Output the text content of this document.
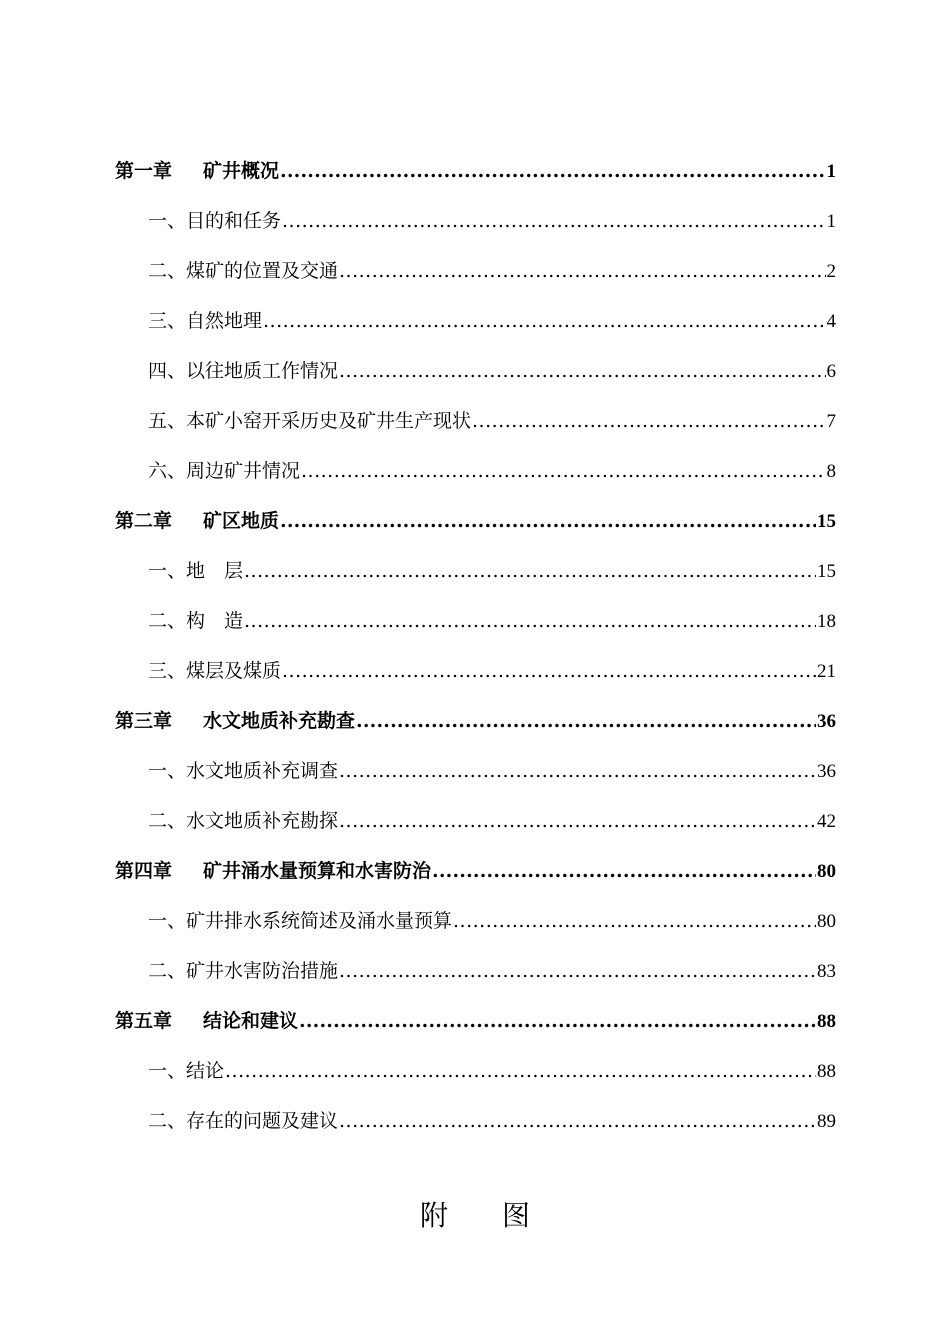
第一章	矿井概况 .....	1
一、目的和任务 .....	1
二、煤矿的位置及交通 .....	2
三、自然地理 .....	4
四、以往地质工作情况 .....	6
五、本矿小窑开采历史及矿井生产现状 .....	7
六、周边矿井情况 .....	8
第二章	矿区地质 .....	15
一、地　层 .....	15
二、构　造 .....	18
三、煤层及煤质 .....	21
第三章	水文地质补充勘查 .....	36
一、水文地质补充调查 .....	36
二、水文地质补充勘探 .....	42
第四章	矿井涌水量预算和水害防治 .....	80
一、矿井排水系统简述及涌水量预算 .....	80
二、矿井水害防治措施 .....	83
第五章	结论和建议 .....	88
一、结论 .....	88
二、存在的问题及建议 .....	89
附图
